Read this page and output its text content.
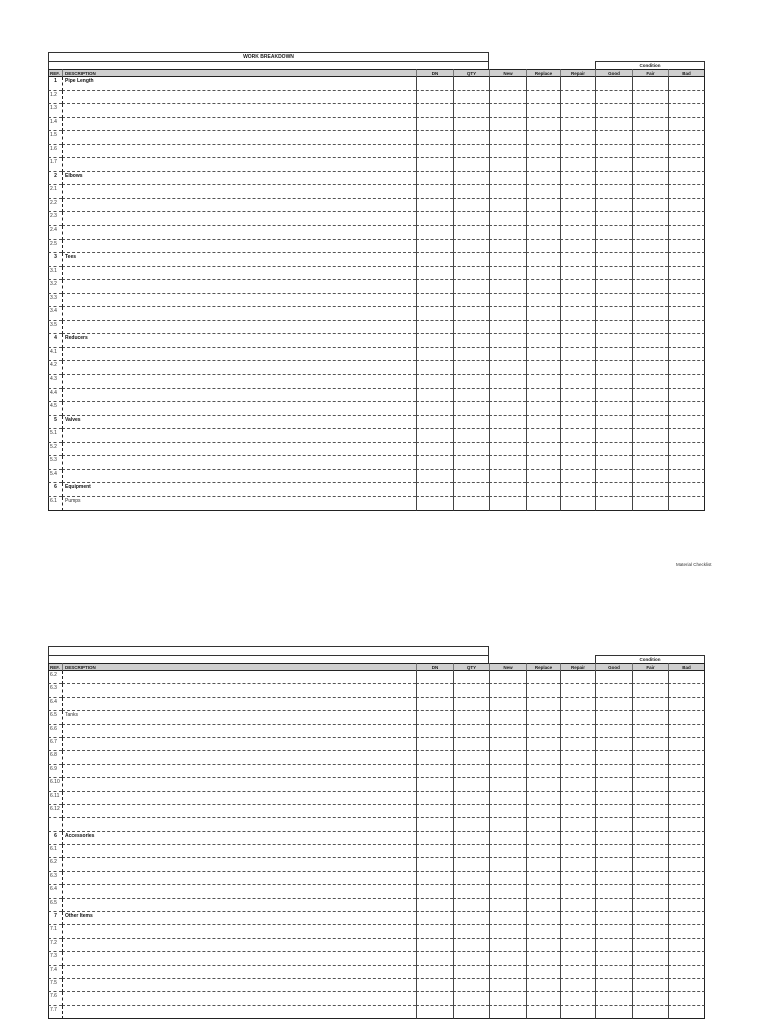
WORK BREAKDOWN
Condition
REF.	DESCRIPTION	DN	QTY	New	Replace	Repair	Good	Fair	Bad
1	Pipe Length
1.2
1.3
1.4
1.5
1.6
1.7
2	Elbows
2.1
2.2
2.3
2.4
2.5
3	Tees
3.1
3.2
3.3
3.4
3.5
4	Reducers
4.1
4.2
4.3
4.4
4.5
5	Valves
5.1
5.2
5.3
5.4
6	Equipment
6.1	Pumps
Material Checklist
Condition
REF.	DESCRIPTION	DN	QTY	New	Replace	Repair	Good	Fair	Bad
6.2
6.3
6.4
6.5	Tanks
6.6
6.7
6.8
6.9
6.10
6.11
6.12
6	Accessories
6.1
6.2
6.3
6.4
6.5
7	Other Items
7.1
7.2
7.3
7.4
7.5
7.6
7.7
